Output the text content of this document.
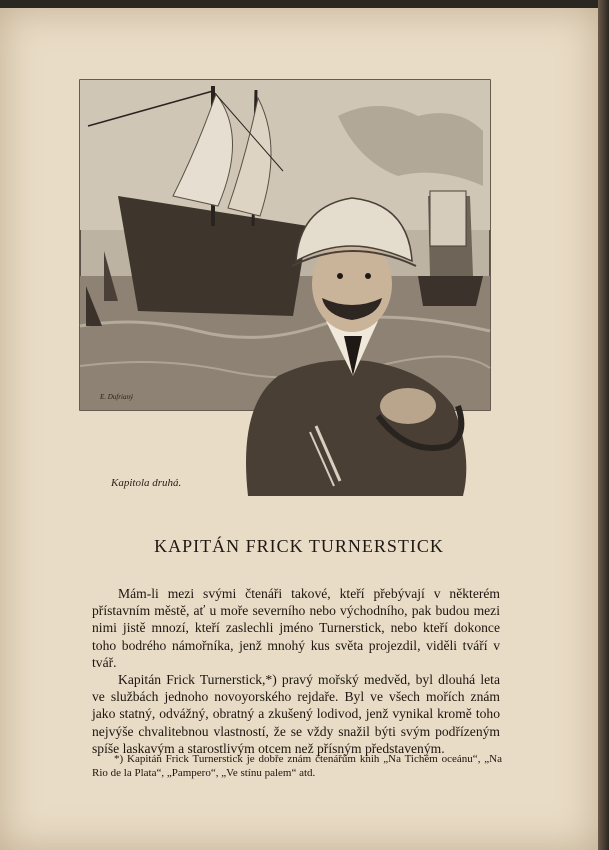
E. Dufrianý
Kapitola druhá.
KAPITÁN FRICK TURNERSTICK

Mám-li mezi svými čtenáři takové, kteří přebývají v některém přístavním městě, ať u moře severního nebo východního, pak budou mezi nimi jistě mnozí, kteří zaslechli jméno Turnerstick, nebo kteří dokonce toho bodrého námořníka, jenž mnohý kus světa projezdil, viděli tváří v tvář.

Kapitán Frick Turnerstick,*) pravý mořský medvěd, byl dlouhá leta ve službách jednoho novoyorského rejdaře. Byl ve všech mořích znám jako statný, odvážný, obratný a zkušený lodivod, jenž vynikal kromě toho nejvýše chvalitebnou vlastností, že se vždy snažil býti svým podřízeným spíše laskavým a starostlivým otcem než přísným představeným.

*) Kapitán Frick Turnerstick je dobře znám čtenářům knih „Na Tichém oceánu“, „Na Rio de la Plata“, „Pampero“, „Ve stínu palem“ atd.
